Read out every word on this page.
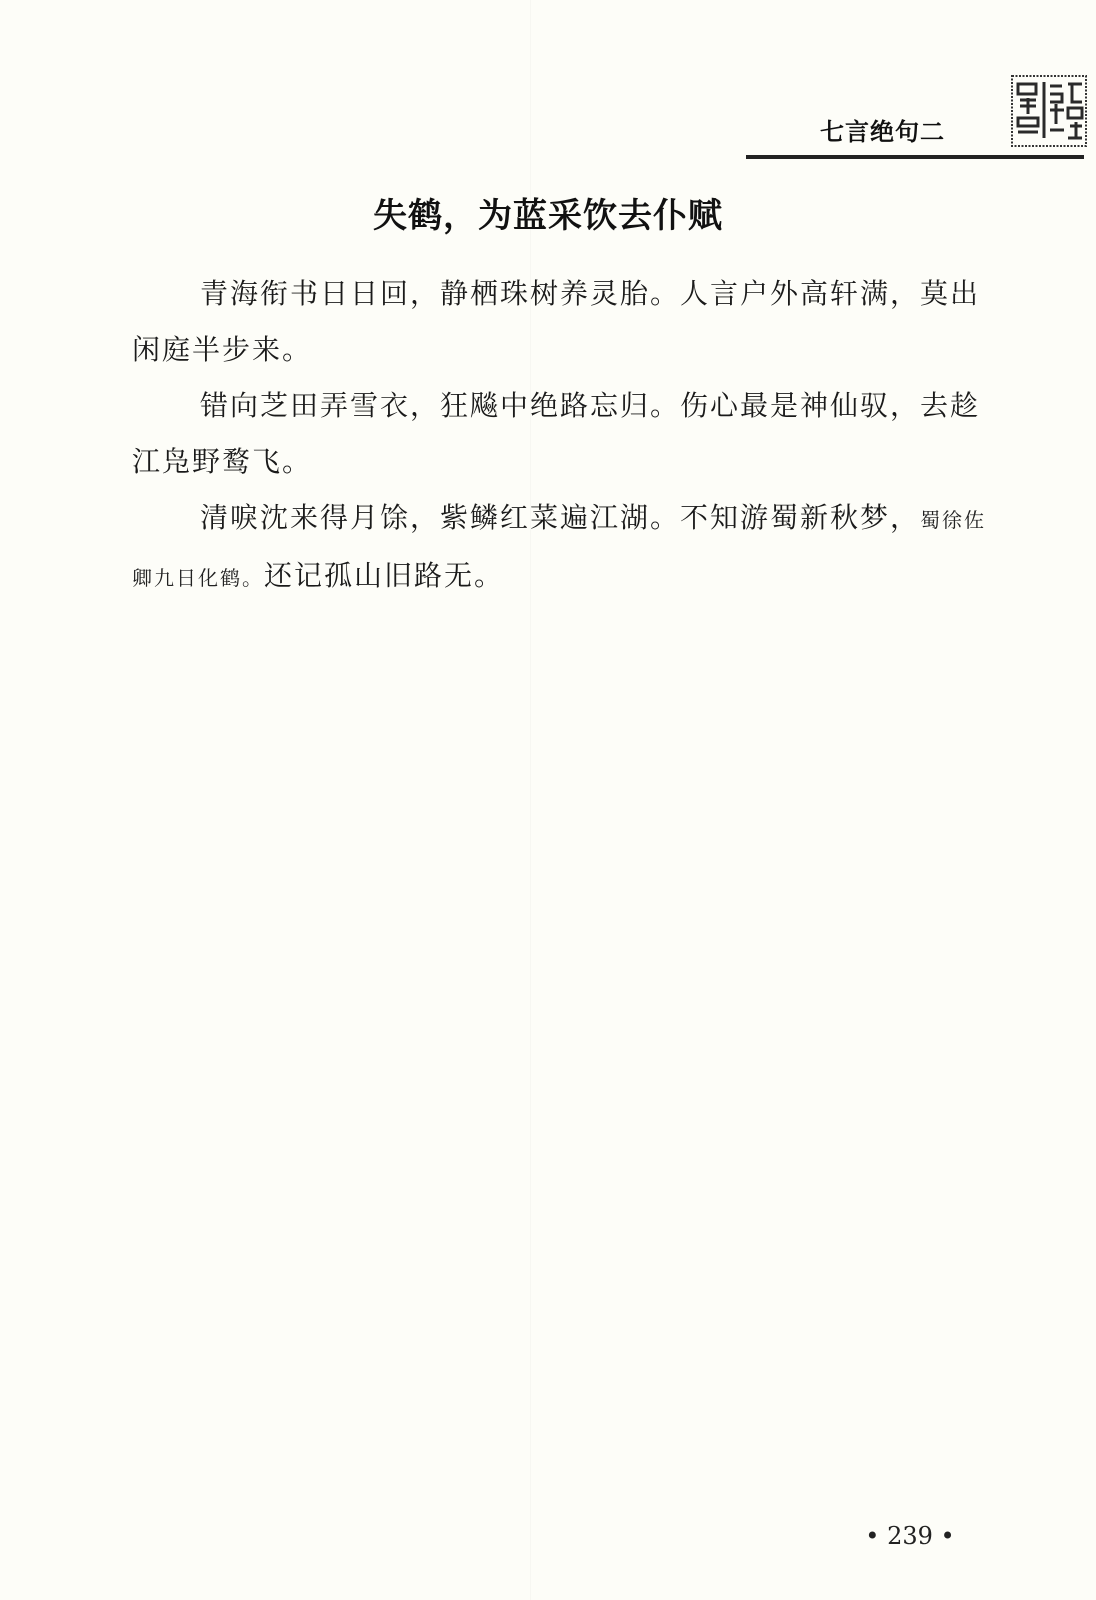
七言绝句二
失鹤，为蓝采饮去仆赋

青海衔书日日回，静栖珠树养灵胎。人言户外高轩满，莫出闲庭半步来。

错向芝田弄雪衣，狂飚中绝路忘归。伤心最是神仙驭，去趁江凫野鹜飞。

清唳沈来得月馀，紫鳞红菜遍江湖。不知游蜀新秋梦，蜀徐佐卿九日化鹤。还记孤山旧路无。

• 239 •
